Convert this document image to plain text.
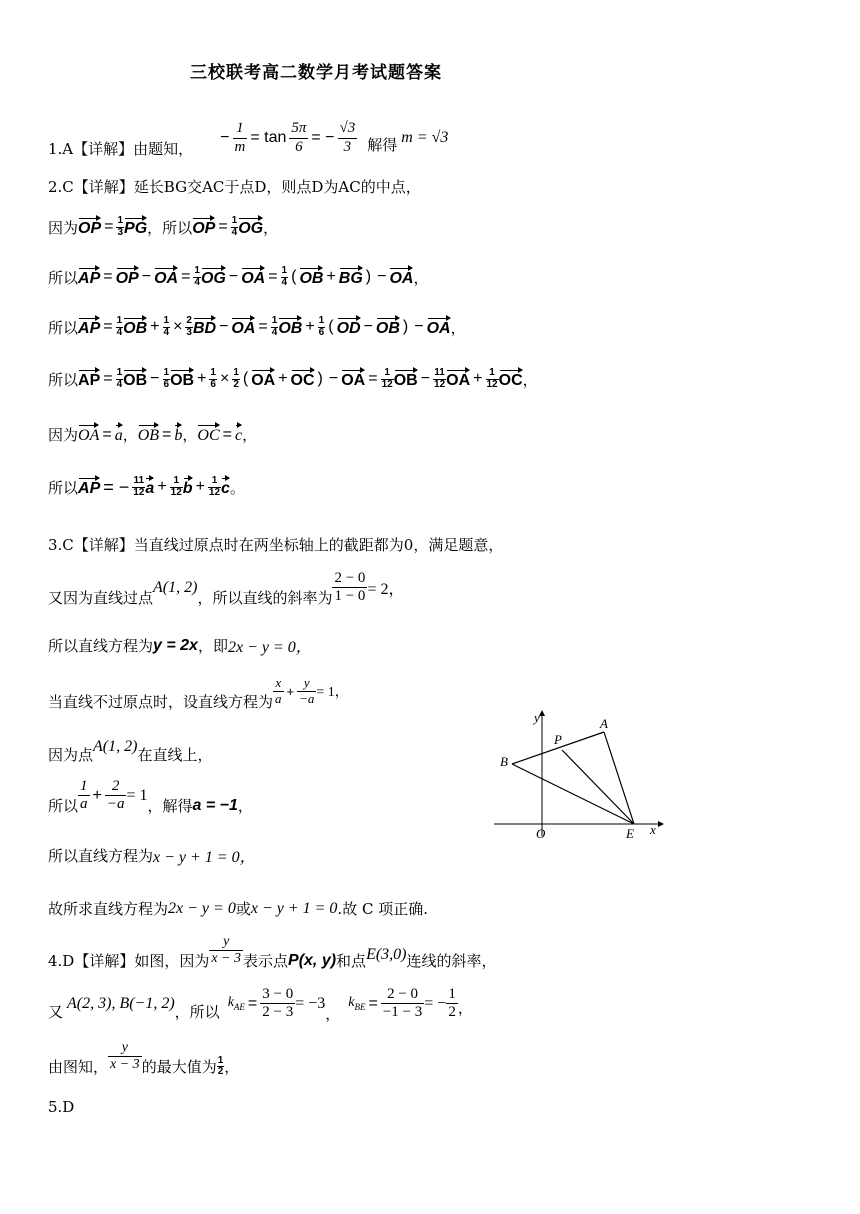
三校联考高二数学月考试题答案
1.A【详解】由题知，
− $\frac{1}{m} = \tan \frac{5\pi}{6}$ = − $\frac{√3}{3}$ 解得 m = √3
2.C【详解】延长BG交AC于点D，则点D为AC的中点，
因为 OP = $\frac{1}{3}$ PG ，所以 OP = $\frac{1}{4}$ OG ，
所以 AP = OP − OA = $\frac{1}{4}$ OG − OA = $\frac{1}{4}$ ( OB + BG ) − OA ，
所以 AP = $\frac{1}{4}$ OB + $\frac{1}{4} \times \frac{2}{3}$ BD − OA = $\frac{1}{4}$ OB + $\frac{1}{6}$ ( OD − OB ) − OA ，
所以 AP = $\frac{1}{4}$ OB − $\frac{1}{6}$ OB + $\frac{1}{6} \times \frac{1}{2}$ ( OA + OC ) − OA = $\frac{1}{12}$ OB − $\frac{11}{12}$ OA + $\frac{1}{12}$ OC ，
因为 OA = a ， OB = b ， OC = c ，
所以 AP = − $\frac{11}{12}$ $a + \frac{1}{12}$ $b + \frac{1}{12}$ c 。
3.C【详解】当直线过原点时在两坐标轴上的截距都为0，满足题意，
又因为直线过点
A(1, 2)
，所以直线的斜率为 $\frac{2 - 0}{1 - 0} = 2$，
所以直线方程为 y = 2x ，即 2x − y = 0，
当直线不过原点时，设直线方程为 $\frac{x}{a} + \frac{y}{-a} = 1$，
因为点 A(1, 2) 在直线上，
所以 $\frac{1}{a} + \frac{2}{-a} = 1$
，解得 a = −1 ，
所以直线方程为 x − y + 1 = 0，
故所求直线方程为 2x − y = 0 或 x − y + 1 = 0 .故 C 项正确.
y
x
A
P
B
O	E
4.D【详解】如图，因为 $\frac{y}{x - 3}$ 表示点 P(x, y) 和点 E(3,0) 连线的斜率，
又 A(2, 3), B(−1, 2) ，所以
$k_{AE} = \frac{3 - 0}{2 - 3} = -3$
，
$k_{BE} = \frac{2 - 0}{-1 - 3}$ = − $\frac{1}{2}$ ，
由图知， $\frac{y}{x - 3}$ 的最大值为 1
2 ，
5.D
